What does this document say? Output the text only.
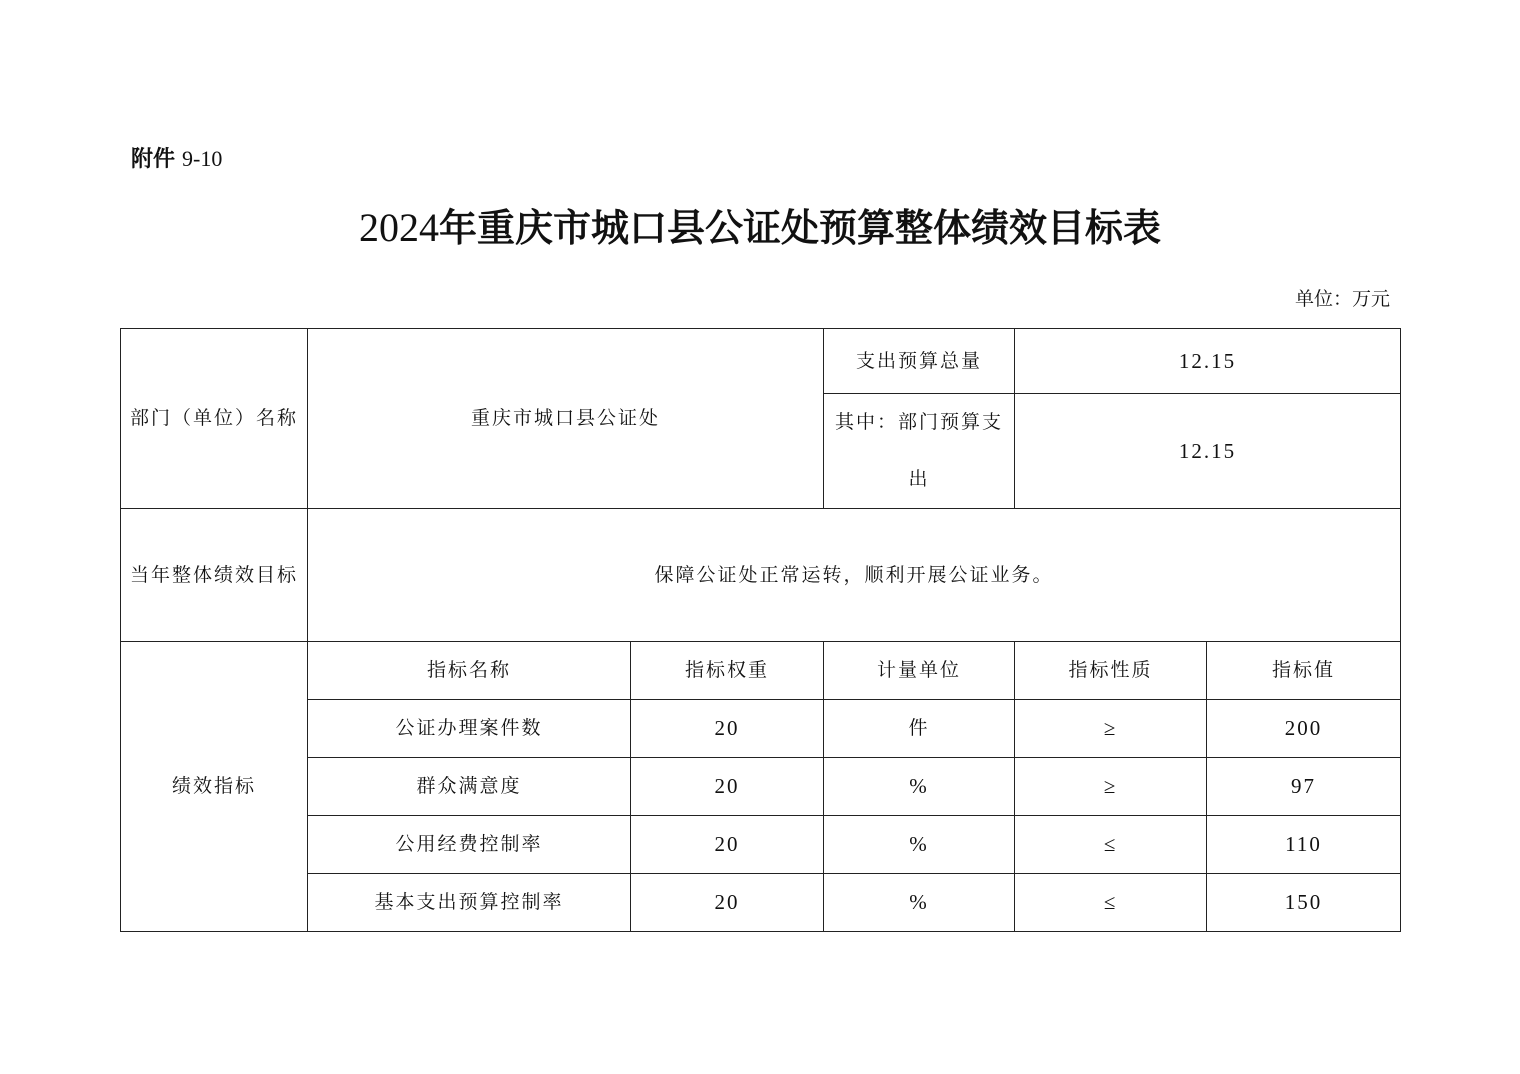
附件 9-10
2024年重庆市城口县公证处预算整体绩效目标表
单位：万元
部门（单位）名称	重庆市城口县公证处		支出预算总量	12.15	
			其中：部门预算支出	12.15	
当年整体绩效目标	保障公证处正常运转，顺利开展公证业务。				
绩效指标	指标名称	指标权重	计量单位	指标性质	指标值
	公证办理案件数	20	件	≥	200
	群众满意度	20	%	≥	97
	公用经费控制率	20	%	≤	110
	基本支出预算控制率	20	%	≤	150
